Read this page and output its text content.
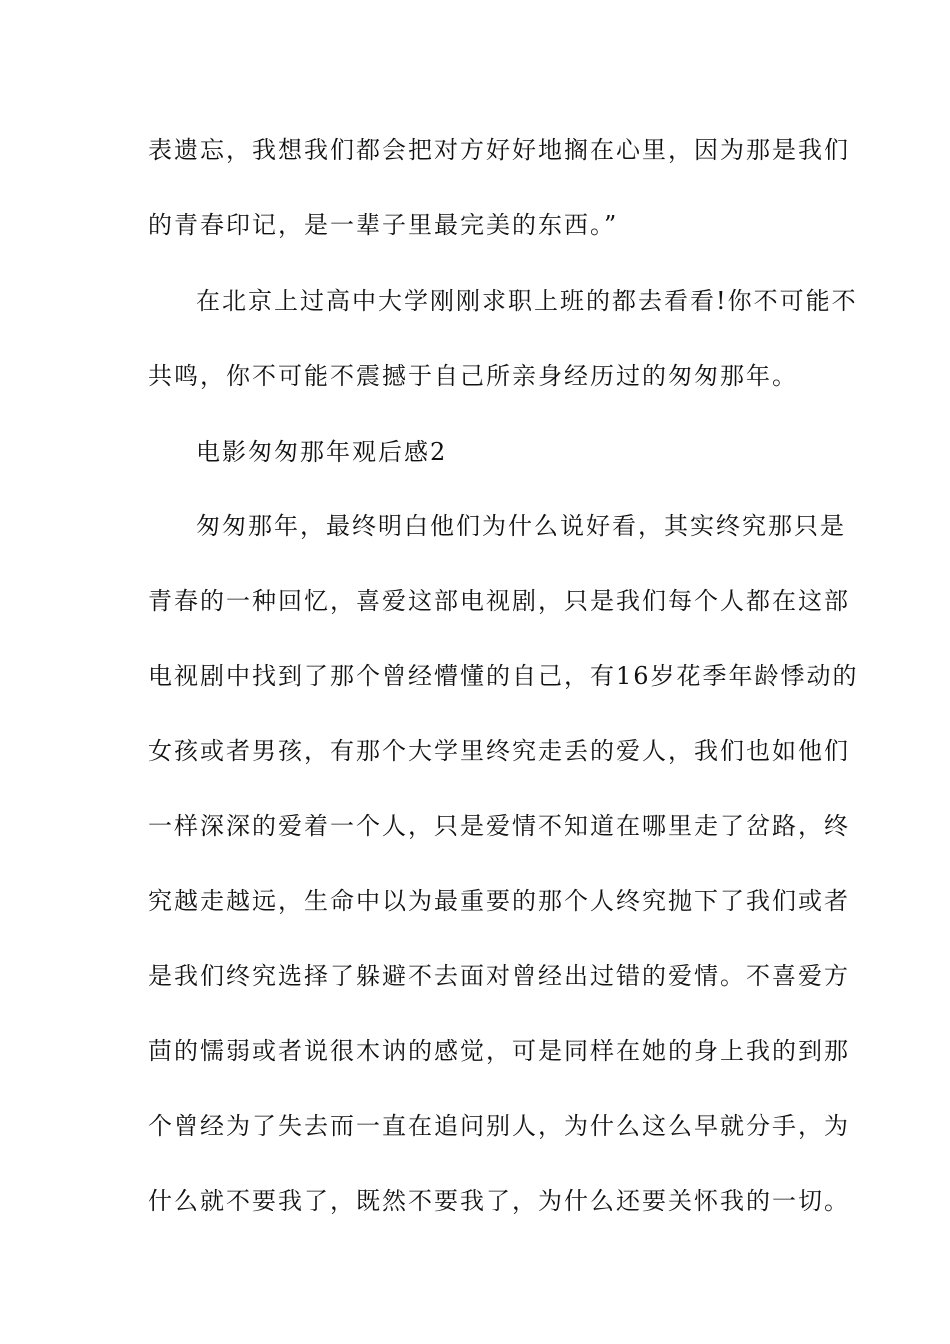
表遗忘，我想我们都会把对方好好地搁在心里，因为那是我们
的青春印记，是一辈子里最完美的东西。”
在北京上过高中大学刚刚求职上班的都去看看!你不可能不
共鸣，你不可能不震撼于自己所亲身经历过的匆匆那年。
电影匆匆那年观后感2
匆匆那年，最终明白他们为什么说好看，其实终究那只是
青春的一种回忆，喜爱这部电视剧，只是我们每个人都在这部
电视剧中找到了那个曾经懵懂的自己，有16岁花季年龄悸动的
女孩或者男孩，有那个大学里终究走丢的爱人，我们也如他们
一样深深的爱着一个人，只是爱情不知道在哪里走了岔路，终
究越走越远，生命中以为最重要的那个人终究抛下了我们或者
是我们终究选择了躲避不去面对曾经出过错的爱情。不喜爱方
茴的懦弱或者说很木讷的感觉，可是同样在她的身上我的到那
个曾经为了失去而一直在追问别人，为什么这么早就分手，为
什么就不要我了，既然不要我了，为什么还要关怀我的一切。
